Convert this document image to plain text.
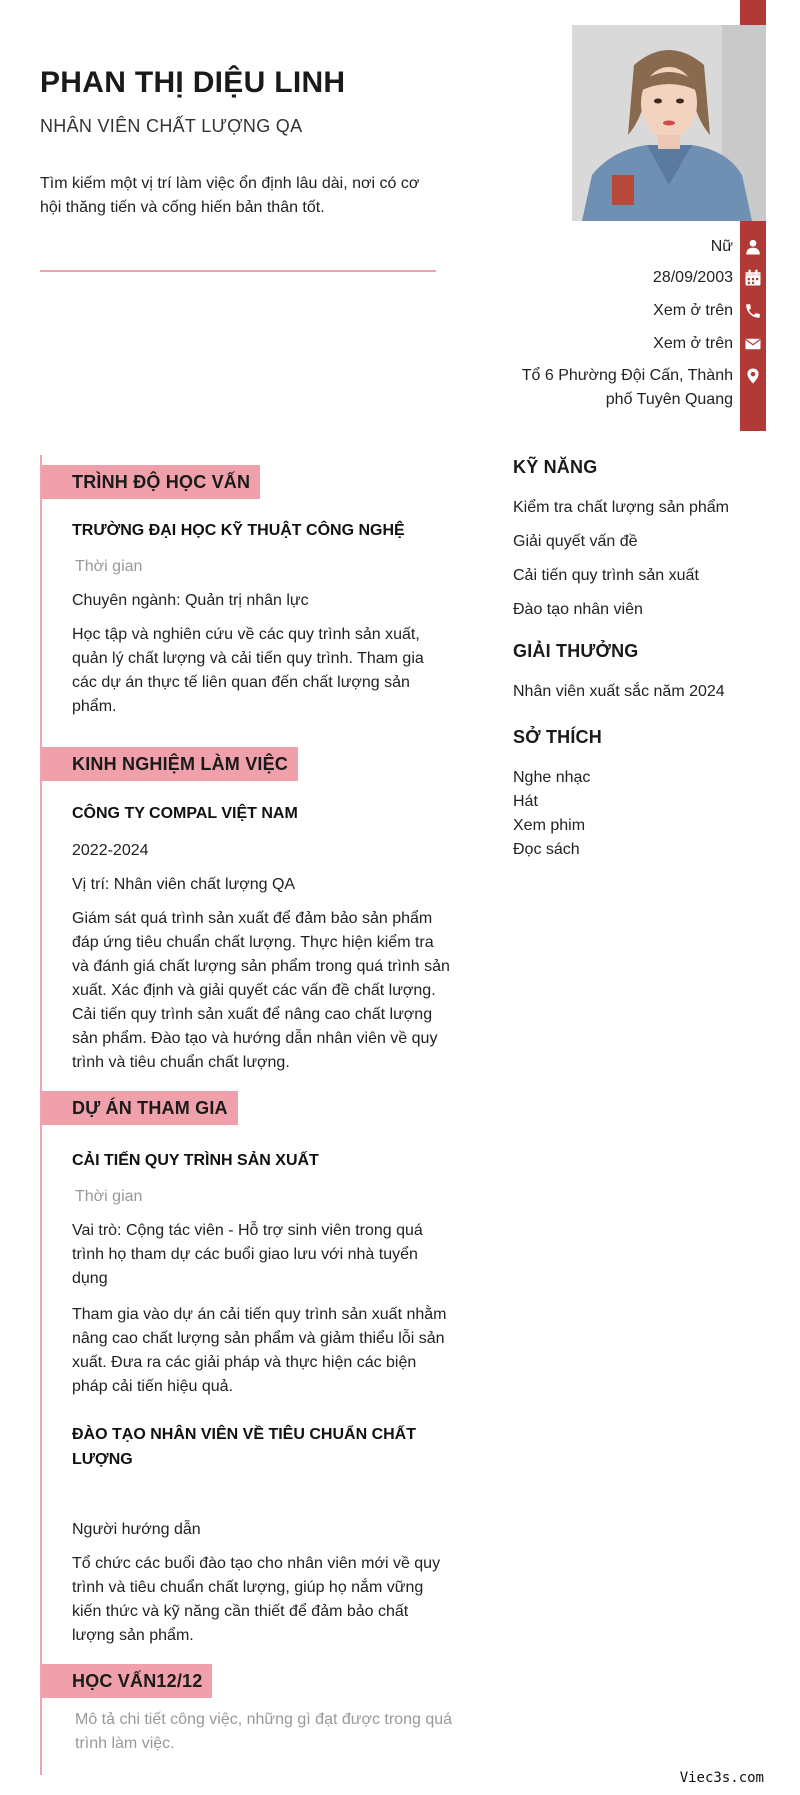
PHAN THỊ DIỆU LINH
NHÂN VIÊN CHẤT LƯỢNG QA
Tìm kiếm một vị trí làm việc ổn định lâu dài, nơi có cơ hội thăng tiến và cống hiến bản thân tốt.
Nữ
28/09/2003
Xem ở trên
Xem ở trên
Tổ 6 Phường Đội Cấn, Thành phố Tuyên Quang
TRÌNH ĐỘ HỌC VẤN
TRƯỜNG ĐẠI HỌC KỸ THUẬT CÔNG NGHỆ
Thời gian
Chuyên ngành: Quản trị nhân lực
Học tập và nghiên cứu về các quy trình sản xuất, quản lý chất lượng và cải tiến quy trình. Tham gia các dự án thực tế liên quan đến chất lượng sản phẩm.
KINH NGHIỆM LÀM VIỆC
CÔNG TY COMPAL VIỆT NAM
2022-2024
Vị trí: Nhân viên chất lượng QA
Giám sát quá trình sản xuất để đảm bảo sản phẩm đáp ứng tiêu chuẩn chất lượng. Thực hiện kiểm tra và đánh giá chất lượng sản phẩm trong quá trình sản xuất. Xác định và giải quyết các vấn đề chất lượng. Cải tiến quy trình sản xuất để nâng cao chất lượng sản phẩm. Đào tạo và hướng dẫn nhân viên về quy trình và tiêu chuẩn chất lượng.
DỰ ÁN THAM GIA
CẢI TIẾN QUY TRÌNH SẢN XUẤT
Thời gian
Vai trò: Cộng tác viên - Hỗ trợ sinh viên trong quá trình họ tham dự các buổi giao lưu với nhà tuyển dụng
Tham gia vào dự án cải tiến quy trình sản xuất nhằm nâng cao chất lượng sản phẩm và giảm thiểu lỗi sản xuất. Đưa ra các giải pháp và thực hiện các biện pháp cải tiến hiệu quả.
ĐÀO TẠO NHÂN VIÊN VỀ TIÊU CHUẨN CHẤT LƯỢNG
Người hướng dẫn
Tổ chức các buổi đào tạo cho nhân viên mới về quy trình và tiêu chuẩn chất lượng, giúp họ nắm vững kiến thức và kỹ năng cần thiết để đảm bảo chất lượng sản phẩm.
HỌC VẤN12/12
Mô tả chi tiết công việc, những gì đạt được trong quá trình làm việc.
KỸ NĂNG
Kiểm tra chất lượng sản phẩm
Giải quyết vấn đề
Cải tiến quy trình sản xuất
Đào tạo nhân viên
GIẢI THƯỞNG
Nhân viên xuất sắc năm 2024
SỞ THÍCH
Nghe nhạc
Hát
Xem phim
Đọc sách
Viec3s.com
